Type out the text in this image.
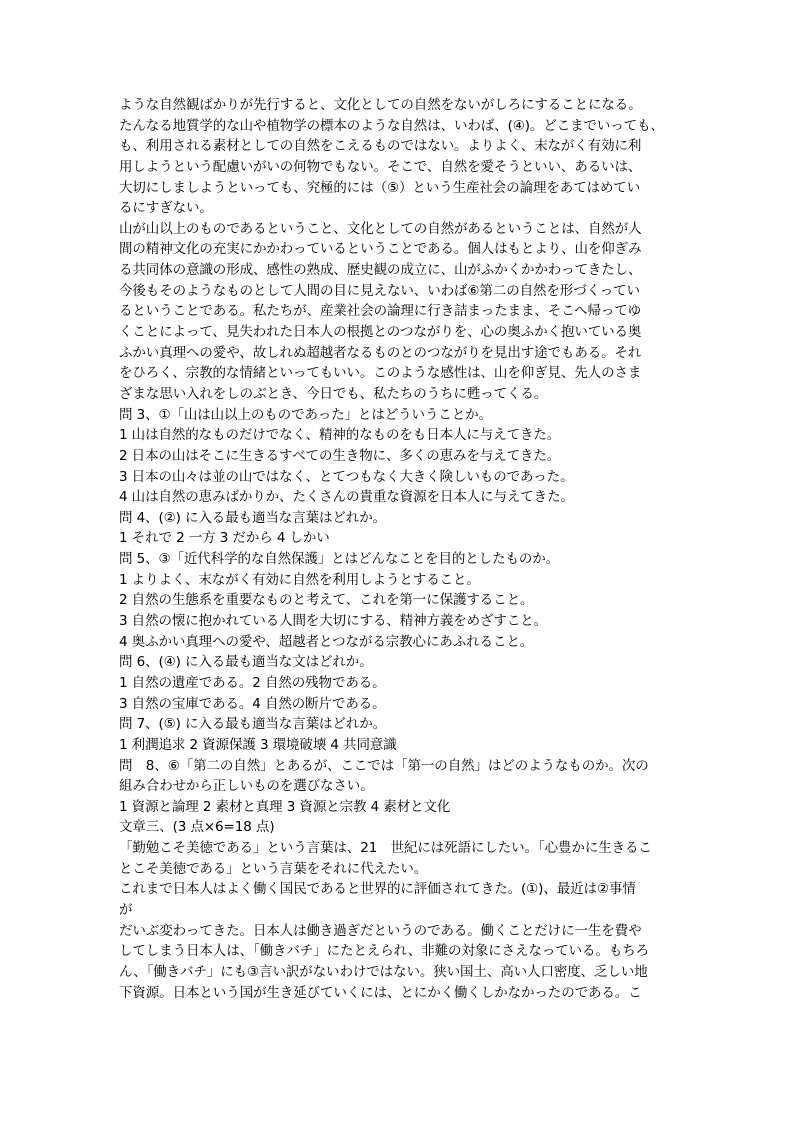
ような自然観ばかりが先行すると、文化としての自然をないがしろにすることになる。
たんなる地質学的な山や植物学の標本のような自然は、いわば、(④)。どこまでいっても、
も、利用される素材としての自然をこえるものではない。よりよく、末ながく有効に利
用しようという配慮いがいの何物でもない。そこで、自然を愛そうといい、あるいは、
大切にしましようといっても、究極的には（⑤）という生産社会の論理をあてはめてい
るにすぎない。
山が山以上のものであるということ、文化としての自然があるということは、自然が人
間の精神文化の充実にかかわっているということである。個人はもとより、山を仰ぎみ
る共同体の意識の形成、感性の熟成、歴史観の成立に、山がふかくかかわってきたし、
今後もそのようなものとして人間の目に見えない、いわば⑥第二の自然を形づくってい
るということである。私たちが、産業社会の論理に行き詰まったまま、そこへ帰ってゆ
くことによって、見失われた日本人の根拠とのつながりを、心の奥ふかく抱いている奥
ふかい真理への愛や、故しれぬ超越者なるものとのつながりを見出す途でもある。それ
をひろく、宗教的な情緒といってもいい。このような感性は、山を仰ぎ見、先人のさま
ざまな思い入れをしのぶとき、今日でも、私たちのうちに甦ってくる。
問 3、①「山は山以上のものであった」とはどういうことか。
1 山は自然的なものだけでなく、精神的なものをも日本人に与えてきた。
2 日本の山はそこに生きるすべての生き物に、多くの恵みを与えてきた。
3 日本の山々は並の山ではなく、とてつもなく大きく険しいものであった。
4 山は自然の恵みばかりか、たくさんの貴重な資源を日本人に与えてきた。
問 4、(②) に入る最も適当な言葉はどれか。
1 それで 2 一方 3 だから 4 しかい
問 5、③「近代科学的な自然保護」とはどんなことを目的としたものか。
1 よりよく、末ながく有効に自然を利用しようとすること。
2 自然の生態系を重要なものと考えて、これを第一に保護すること。
3 自然の懐に抱かれている人間を大切にする、精神方義をめざすこと。
4 奥ふかい真理への愛や、超越者とつながる宗教心にあふれること。
問 6、(④) に入る最も適当な文はどれか。
1 自然の遺産である。2 自然の残物である。
3 自然の宝庫である。4 自然の断片である。
問 7、(⑤) に入る最も適当な言葉はどれか。
1 利潤追求 2 資源保護 3 環境破壊 4 共同意識
問　8、⑥「第二の自然」とあるが、ここでは「第一の自然」はどのようなものか。次の
組み合わせから正しいものを選びなさい。
1 資源と論理 2 素材と真理 3 資源と宗教 4 素材と文化
文章三、(3 点×6=18 点)
「勤勉こそ美徳である」という言葉は、21　世紀には死語にしたい。「心豊かに生きるこ
とこそ美徳である」という言葉をそれに代えたい。
これまで日本人はよく働く国民であると世界的に評価されてきた。(①)、最近は②事情
が
だいぶ変わってきた。日本人は働き過ぎだというのである。働くことだけに一生を費や
してしまう日本人は、「働きバチ」にたとえられ、非難の対象にさえなっている。もちろ
ん、「働きバチ」にも③言い訳がないわけではない。狭い国土、高い人口密度、乏しい地
下資源。日本という国が生き延びていくには、とにかく働くしかなかったのである。こ
